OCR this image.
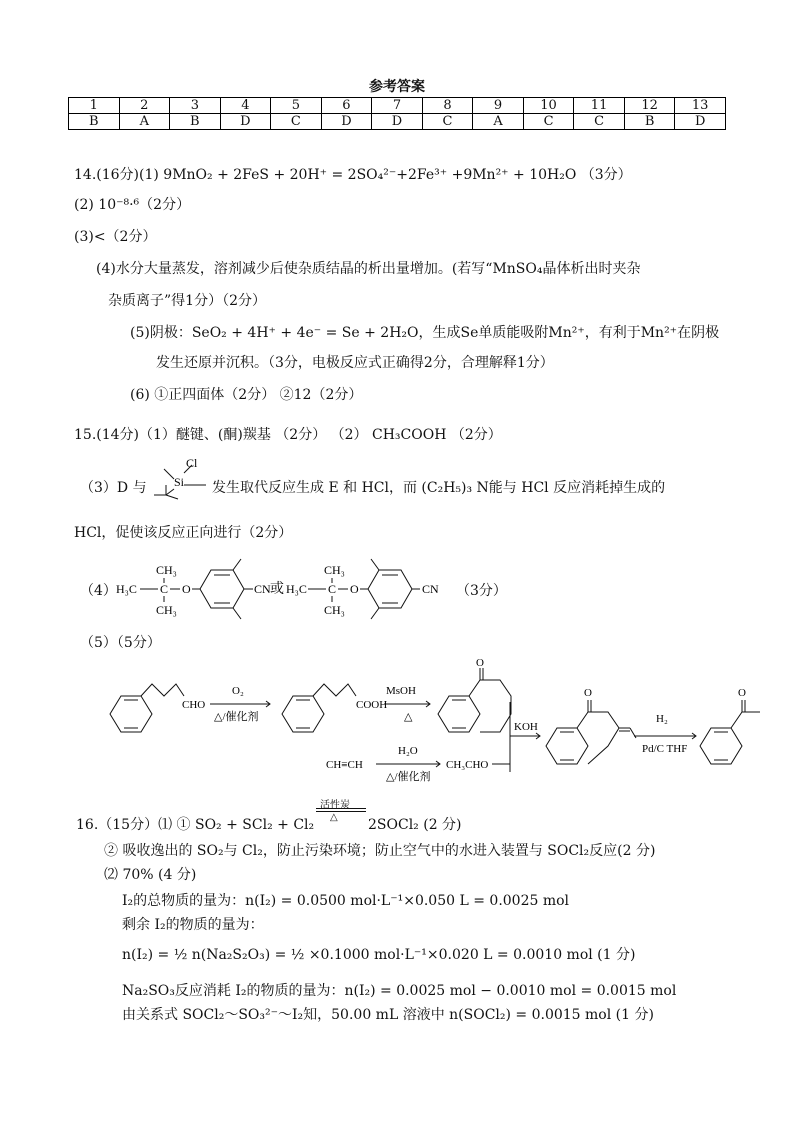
参考答案
1	2	3	4	5	6	7	8	9	10	11	12	13
B	A	B	D	C	D	D	C	A	C	C	B	D
14.(16分)(1) 9MnO₂ + 2FeS + 20H⁺ = 2SO₄²⁻+2Fe³⁺ +9Mn²⁺ + 10H₂O （3分）
(2) 10⁻⁸·⁶（2分）
(3)<（2分）
(4)水分大量蒸发，溶剂减少后使杂质结晶的析出量增加。(若写“MnSO₄晶体析出时夹杂
杂质离子”得1分）（2分）
(5)阴极：SeO₂ + 4H⁺ + 4e⁻ = Se + 2H₂O，生成Se单质能吸附Mn²⁺，有利于Mn²⁺在阴极
发生还原并沉积。（3分，电极反应式正确得2分，合理解释1分）
(6) ①正四面体（2分） ②12（2分）
15.(14分)（1）醚键、(酮)羰基 （2分） （2） CH₃COOH （2分）
（3）D 与
Cl
Si 发生取代反应生成 E 和 HCl，而 (C₂H₅)₃ N能与 HCl 反应消耗掉生成的
HCl，促使该反应正向进行（2分）
（4） H₃C
CH₃
C
CH₃
O	CN 或 H₃C
CH₃
C
CH₃
O	CN （3分）
（5）（5分）
CHO
O₂
△/催化剂
COOH
MsOH
△
O
KOH
O
H₂
Pd/C THF
O
CH≡CH
H₂O
△/催化剂
CH₃CHO
活性炭
△
16.（15分）⑴ ① SO₂ + SCl₂ + Cl₂	2SOCl₂ (2 分)
② 吸收逸出的 SO₂与 Cl₂，防止污染环境；防止空气中的水进入装置与 SOCl₂反应(2 分)
⑵ 70% (4 分)
I₂的总物质的量为：n(I₂) = 0.0500 mol·L⁻¹×0.050 L = 0.0025 mol
剩余 I₂的物质的量为：
n(I₂) = ½ n(Na₂S₂O₃) = ½ ×0.1000 mol·L⁻¹×0.020 L = 0.0010 mol (1 分)
Na₂SO₃反应消耗 I₂的物质的量为：n(I₂) = 0.0025 mol − 0.0010 mol = 0.0015 mol
由关系式 SOCl₂～SO₃²⁻～I₂知，50.00 mL 溶液中 n(SOCl₂) = 0.0015 mol (1 分)
